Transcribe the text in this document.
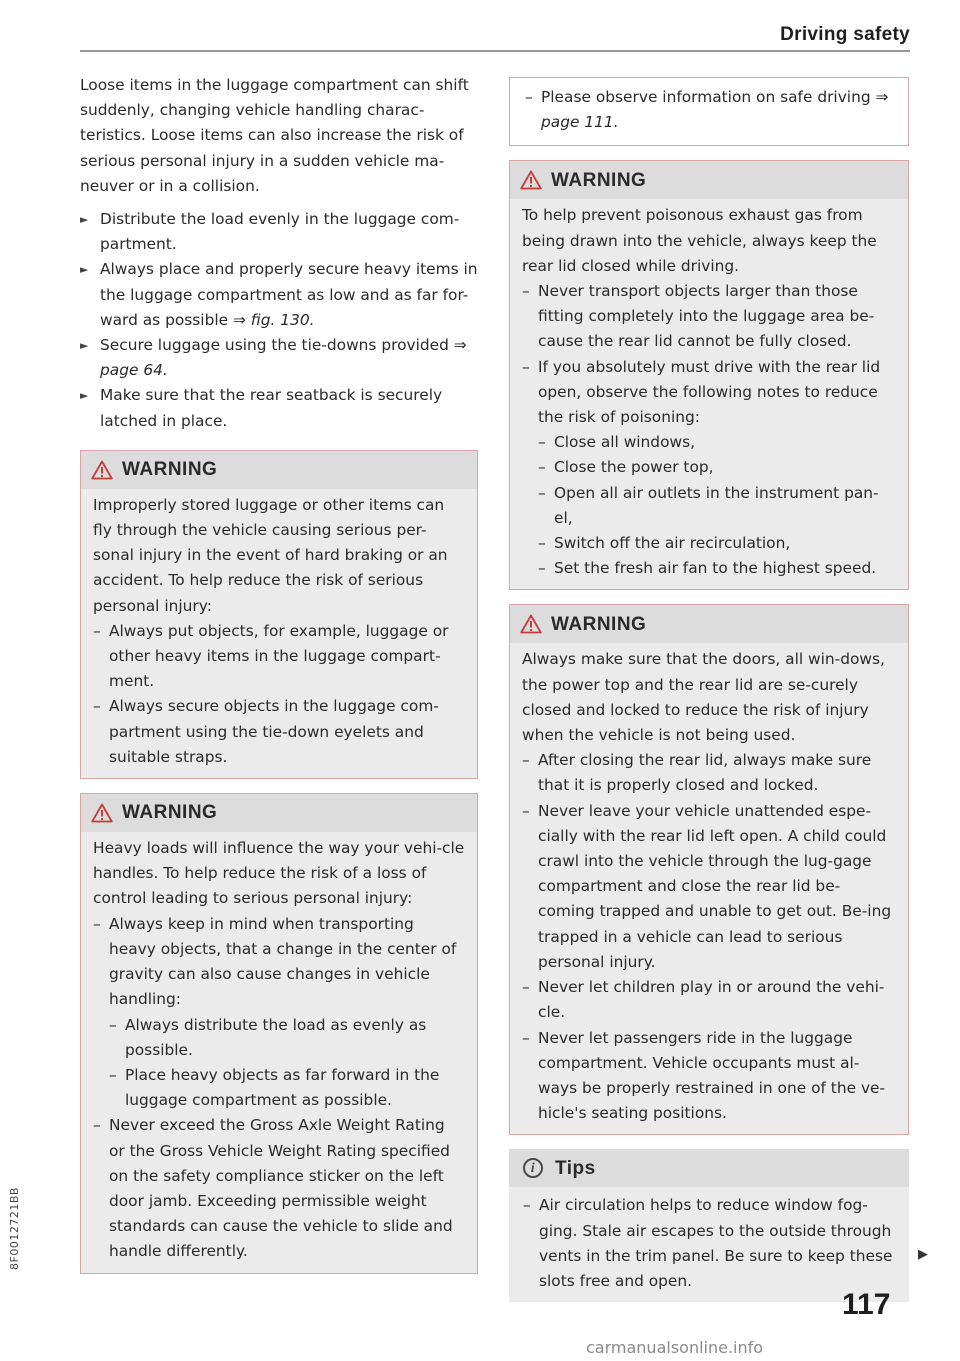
Driving safety

Loose items in the luggage compartment can shift suddenly, changing vehicle handling charac-teristics. Loose items can also increase the risk of serious personal injury in a sudden vehicle ma-neuver or in a collision.

► Distribute the load evenly in the luggage com-partment.
► Always place and properly secure heavy items in the luggage compartment as low and as far for-ward as possible ⇒ fig. 130.
► Secure luggage using the tie-downs provided ⇒ page 64.
► Make sure that the rear seatback is securely latched in place.
WARNING

Improperly stored luggage or other items can fly through the vehicle causing serious per-sonal injury in the event of hard braking or an accident. To help reduce the risk of serious personal injury:

– Always put objects, for example, luggage or other heavy items in the luggage compart-ment.
– Always secure objects in the luggage com-partment using the tie-down eyelets and suitable straps.
WARNING

Heavy loads will influence the way your vehi-cle handles. To help reduce the risk of a loss of control leading to serious personal injury:

– Always keep in mind when transporting heavy objects, that a change in the center of gravity can also cause changes in vehicle handling:
– Always distribute the load as evenly as possible.
– Place heavy objects as far forward in the luggage compartment as possible.
– Never exceed the Gross Axle Weight Rating or the Gross Vehicle Weight Rating specified on the safety compliance sticker on the left door jamb. Exceeding permissible weight standards can cause the vehicle to slide and handle differently.
– Please observe information on safe driving ⇒ page 111.
WARNING

To help prevent poisonous exhaust gas from being drawn into the vehicle, always keep the rear lid closed while driving.

– Never transport objects larger than those fitting completely into the luggage area be-cause the rear lid cannot be fully closed.
– If you absolutely must drive with the rear lid open, observe the following notes to reduce the risk of poisoning:
– Close all windows,
– Close the power top,
– Open all air outlets in the instrument pan-el,
– Switch off the air recirculation,
– Set the fresh air fan to the highest speed.
WARNING

Always make sure that the doors, all win-dows, the power top and the rear lid are se-curely closed and locked to reduce the risk of injury when the vehicle is not being used.

– After closing the rear lid, always make sure that it is properly closed and locked.
– Never leave your vehicle unattended espe-cially with the rear lid left open. A child could crawl into the vehicle through the lug-gage compartment and close the rear lid be-coming trapped and unable to get out. Be-ing trapped in a vehicle can lead to serious personal injury.
– Never let children play in or around the vehi-cle.
– Never let passengers ride in the luggage compartment. Vehicle occupants must al-ways be properly restrained in one of the ve-hicle's seating positions.
i	Tips
– Air circulation helps to reduce window fog-ging. Stale air escapes to the outside through vents in the trim panel. Be sure to keep these slots free and open.
▶
117
8F0012721BB
carmanualsonline.info
